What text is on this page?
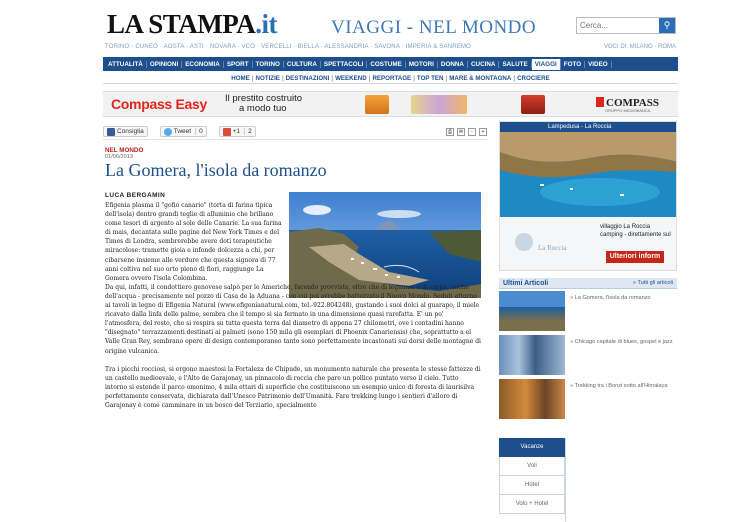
LA STAMPA.it	VIAGGI - NEL MONDO
Cerca...	⚲
TORINO · CUNEO · AOSTA · ASTI · NOVARA · VCO · VERCELLI · BIELLA · ALESSANDRIA · SAVONA · IMPERIA & SANREMO	VOCI DI: MILANO · ROMA
ATTUALITÀ	OPINIONI	ECONOMIA	SPORT	TORINO	CULTURA	SPETTACOLI	COSTUME	MOTORI	DONNA	CUCINA	SALUTE	VIAGGI	FOTO	VIDEO
HOME | NOTIZIE | DESTINAZIONI | WEEKEND | REPORTAGE | TOP TEN | MARE & MONTAGNA | CROCIERE
Compass Easy Il prestito costruito
a modo tuo	COMPASS
GRUPPO MEDIOBANCA
Consiglia	Tweet	0	+1	2	⎙	✉	-	+
NEL MONDO
01/06/2013
La Gomera, l'isola da romanzo
LUCA BERGAMIN

Efigenia plasma il "gofio canario" (torta di farina tipica dell'isola) dentro grandi teglie di alluminio che brillano come tesori di argento al sole delle Canarie. La sua farina di mais, decantata sulle pagine del New York Times e del Times di Londra, sembrerebbe avere doti terapeutiche miracolose: tramette gioia e infonde dolcezza a chi, per cibarsene insieme alle verdure che questa signora di 77 anni coltiva nel suo orto pieno di fiori, raggiunge La Gomera ovvero l'isola Colombina.

Da qui, infatti, il condottiero genovese salpò per le Americhe, facendo provvista, oltre che di legname e di carne, anche dell'acqua - precisamente nel pozzo di Casa de la Aduana - con cui poi avrebbe battezzato il Nuovo Mondo. Seduti attorno ai tavoli in legno di Efigenia Natural (www.efigenianatural.com, tel.-922.804248), gustando i suoi dolci al guarapo, il miele ricavato dalla linfa delle palme, sembra che il tempo si sia fermato in una dimensione quasi rarefatta. E' un po' l'atmosfera, del resto, che si respira su tutta questa terra dal diametro di appena 27 chilometri, ove i contadini hanno "disegnato" terrazzamenti destinati ai palmeti (sono 150 mila gli esemplari di Phoenix Canariensis) che, soprattutto a el Valle Gran Rey, sembrano opere di design contemporaneo tanto sono perfettamente incastonati sui dorsi delle montagne di origine vulcanica.

Tra i picchi rocciosi, si ergono maestosi la Fortaleza de Chipude, un monumento naturale che presenta le stesse fattezze di un castello medioevale, e l'Alto de Garajonay, un pinnacolo di roccia che pare un pollice puntato verso il cielo. Tutto intorno si estende il parco omonimo, 4 mila ettari di superficie che costituiscono un esempio unico di foresta di laurisilva perfettamente conservata, dichiarata dall'Unesco Patrimonio dell'Umanità. Fare trekking lungo i sentieri d'alloro di Garajonay è come camminare in un bosco del Terziario, specialmente

La Roccia
Lampedusa - La Roccia
villaggio La Roccia
camping - direttamente sul
Ulteriori inform
Ultimi Articoli	» Tutti gli articoli
» La Gomera, l'isola da romanzo
» Chicago capitale di blues, gospel e jazz
» Trekking tra i Bonzi sotto all'Himalaya
Vacanze
Voli
Hotel
Volo + Hotel
